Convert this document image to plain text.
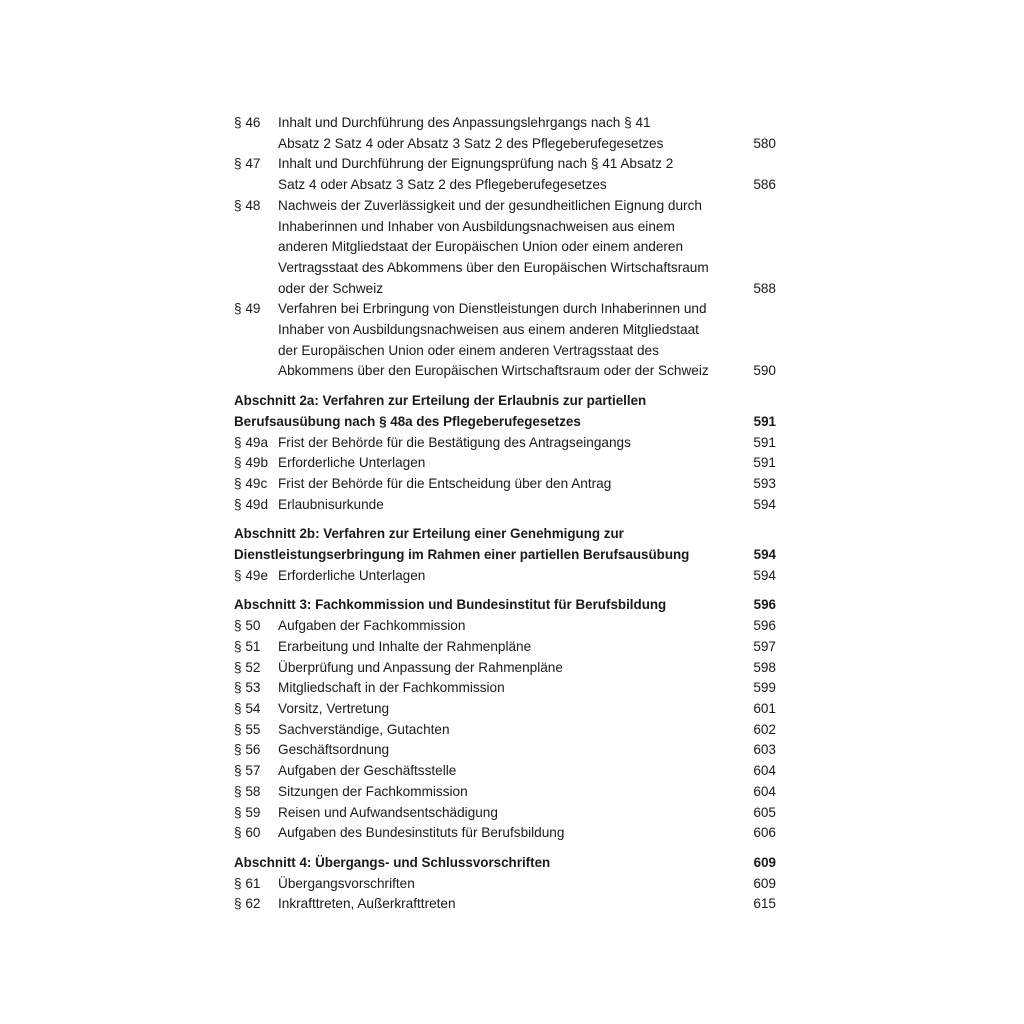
§ 46	Inhalt und Durchführung des Anpassungslehrgangs nach § 41
Absatz 2 Satz 4 oder Absatz 3 Satz 2 des Pflegeberufegesetzes	580
§ 47	Inhalt und Durchführung der Eignungsprüfung nach § 41 Absatz 2
Satz 4 oder Absatz 3 Satz 2 des Pflegeberufegesetzes	586
§ 48	Nachweis der Zuverlässigkeit und der gesundheitlichen Eignung durch
Inhaberinnen und Inhaber von Ausbildungsnachweisen aus einem
anderen Mitgliedstaat der Europäischen Union oder einem anderen
Vertragsstaat des Abkommens über den Europäischen Wirtschaftsraum
oder der Schweiz	588
§ 49	Verfahren bei Erbringung von Dienstleistungen durch Inhaberinnen und
Inhaber von Ausbildungsnachweisen aus einem anderen Mitgliedstaat
der Europäischen Union oder einem anderen Vertragsstaat des
Abkommens über den Europäischen Wirtschaftsraum oder der Schweiz	590
Abschnitt 2a: Verfahren zur Erteilung der Erlaubnis zur partiellen
Berufsausübung nach § 48a des Pflegeberufegesetzes	591
§ 49a Frist der Behörde für die Bestätigung des Antragseingangs	591
§ 49b Erforderliche Unterlagen	591
§ 49c Frist der Behörde für die Entscheidung über den Antrag	593
§ 49d Erlaubnisurkunde	594
Abschnitt 2b: Verfahren zur Erteilung einer Genehmigung zur
Dienstleistungserbringung im Rahmen einer partiellen Berufsausübung	594
§ 49e Erforderliche Unterlagen	594
Abschnitt 3: Fachkommission und Bundesinstitut für Berufsbildung	596
§ 50	Aufgaben der Fachkommission	596
§ 51	Erarbeitung und Inhalte der Rahmenpläne	597
§ 52	Überprüfung und Anpassung der Rahmenpläne	598
§ 53	Mitgliedschaft in der Fachkommission	599
§ 54	Vorsitz, Vertretung	601
§ 55	Sachverständige, Gutachten	602
§ 56	Geschäftsordnung	603
§ 57	Aufgaben der Geschäftsstelle	604
§ 58	Sitzungen der Fachkommission	604
§ 59	Reisen und Aufwandsentschädigung	605
§ 60	Aufgaben des Bundesinstituts für Berufsbildung	606
Abschnitt 4: Übergangs- und Schlussvorschriften	609
§ 61	Übergangsvorschriften	609
§ 62	Inkrafttreten, Außerkrafttreten	615
